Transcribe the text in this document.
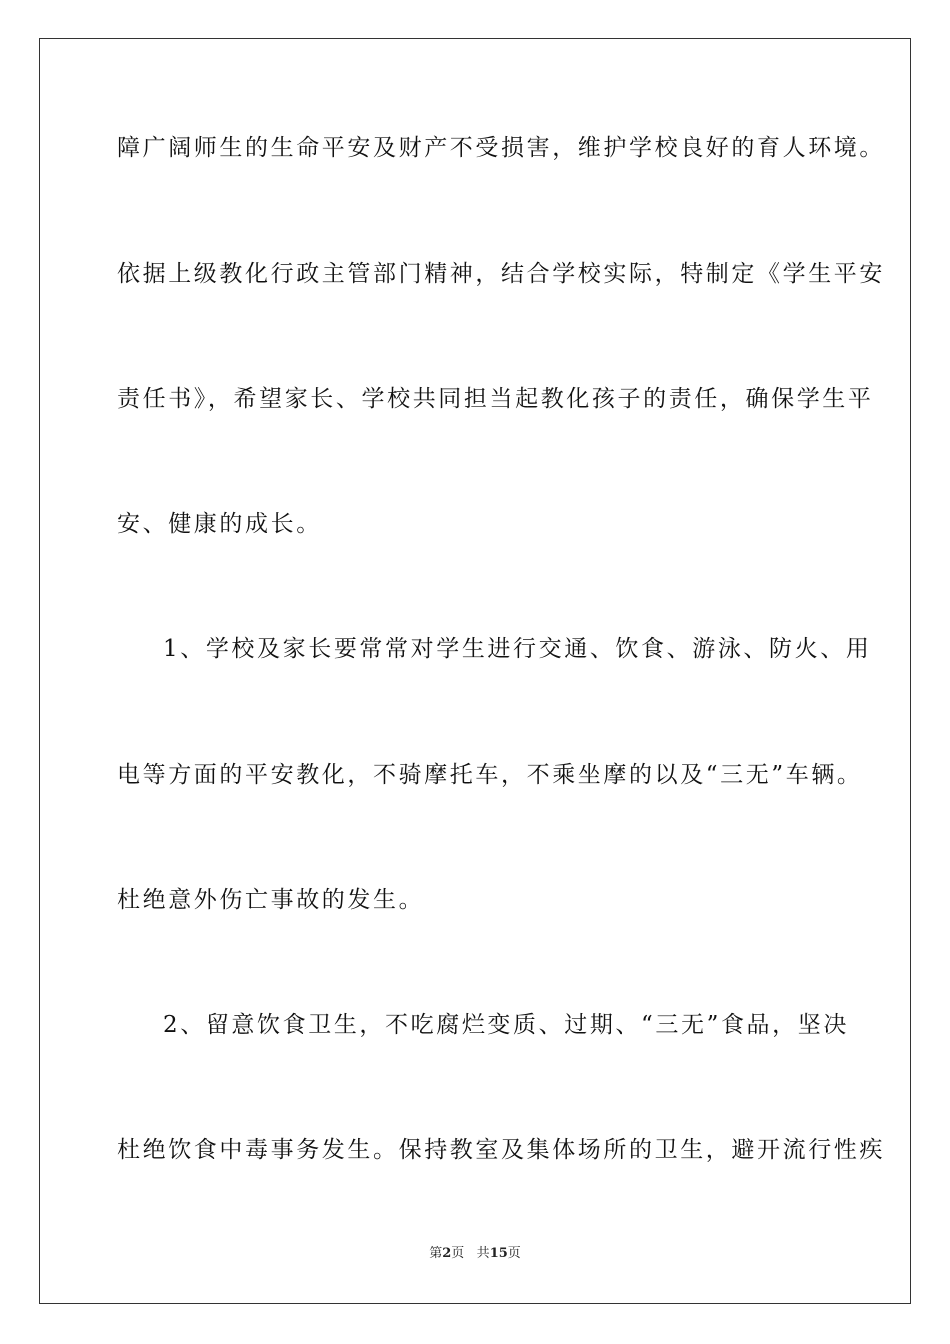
障广阔师生的生命平安及财产不受损害，维护学校良好的育人环境。
依据上级教化行政主管部门精神，结合学校实际，特制定《学生平安
责任书》，希望家长、学校共同担当起教化孩子的责任，确保学生平
安、健康的成长。
1、学校及家长要常常对学生进行交通、饮食、游泳、防火、用
电等方面的平安教化，不骑摩托车，不乘坐摩的以及“三无”车辆。
杜绝意外伤亡事故的发生。
2、留意饮食卫生，不吃腐烂变质、过期、“三无”食品，坚决
杜绝饮食中毒事务发生。保持教室及集体场所的卫生，避开流行性疾
第2页 共15页
